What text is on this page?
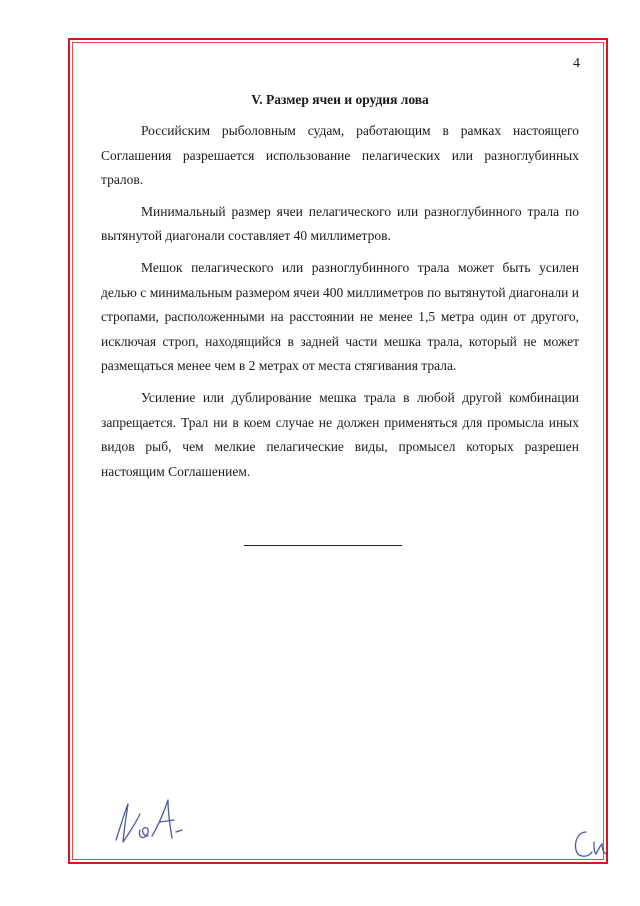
4
V. Размер ячеи и орудия лова

Российским рыболовным судам, работающим в рамках настоящего Соглашения разрешается использование пелагических или разноглубинных тралов.

Минимальный размер ячеи пелагического или разноглубинного трала по вытянутой диагонали составляет 40 миллиметров.

Мешок пелагического или разноглубинного трала может быть усилен делью с минимальным размером ячеи 400 миллиметров по вытянутой диагонали и стропами, расположенными на расстоянии не менее 1,5 метра один от другого, исключая строп, находящийся в задней части мешка трала, который не может размещаться менее чем в 2 метрах от места стягивания трала.

Усиление или дублирование мешка трала в любой другой комбинации запрещается. Трал ни в коем случае не должен применяться для промысла иных видов рыб, чем мелкие пелагические виды, промысел которых разрешен настоящим Соглашением.
